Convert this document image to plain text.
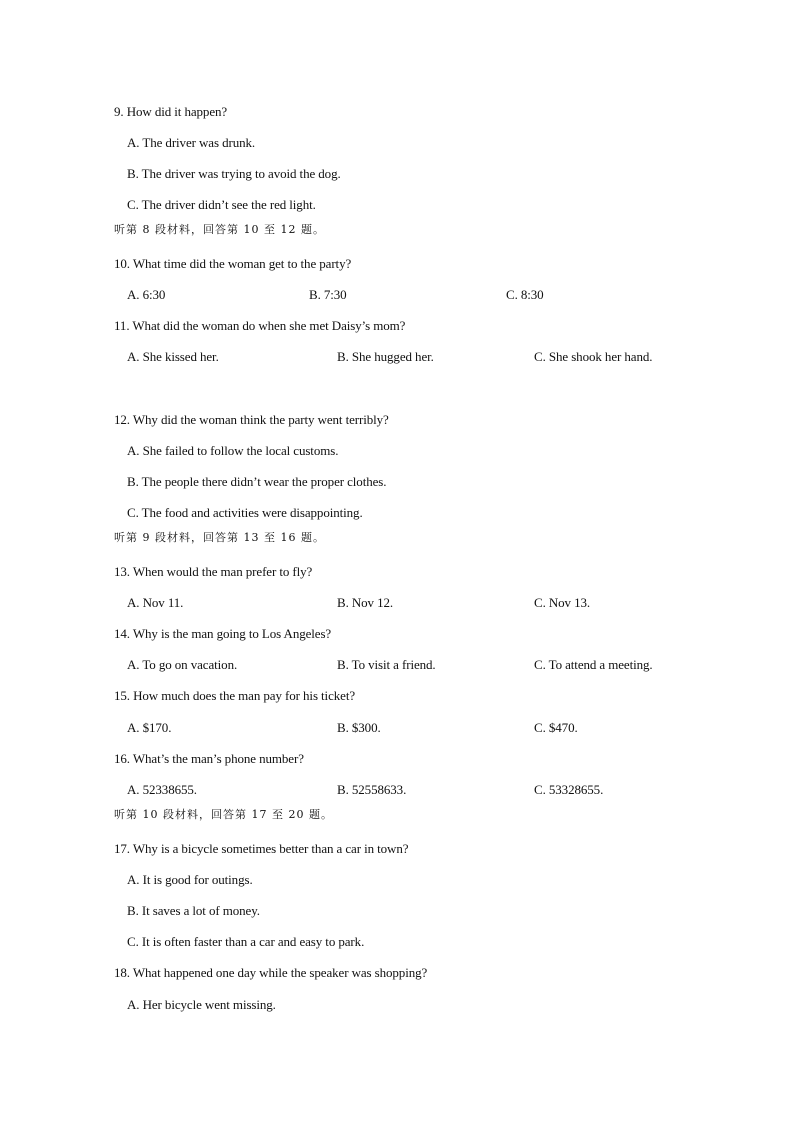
9. How did it happen?
A. The driver was drunk.
B. The driver was trying to avoid the dog.
C. The driver didn’t see the red light.
听第 8 段材料，回答第 10 至 12 题。
10. What time did the woman get to the party?
A. 6:30	B. 7:30	C. 8:30
11. What did the woman do when she met Daisy’s mom?
A. She kissed her.	B. She hugged her.	C. She shook her hand.
12. Why did the woman think the party went terribly?
A. She failed to follow the local customs.
B. The people there didn’t wear the proper clothes.
C. The food and activities were disappointing.
听第 9 段材料，回答第 13 至 16 题。
13. When would the man prefer to fly?
A. Nov 11.	B. Nov 12.	C. Nov 13.
14. Why is the man going to Los Angeles?
A. To go on vacation.	B. To visit a friend.	C. To attend a meeting.
15. How much does the man pay for his ticket?
A. $170.	B. $300.	C. $470.
16. What’s the man’s phone number?
A. 52338655.	B. 52558633.	C. 53328655.
听第 10 段材料，回答第 17 至 20 题。
17. Why is a bicycle sometimes better than a car in town?
A. It is good for outings.
B. It saves a lot of money.
C. It is often faster than a car and easy to park.
18. What happened one day while the speaker was shopping?
A. Her bicycle went missing.
